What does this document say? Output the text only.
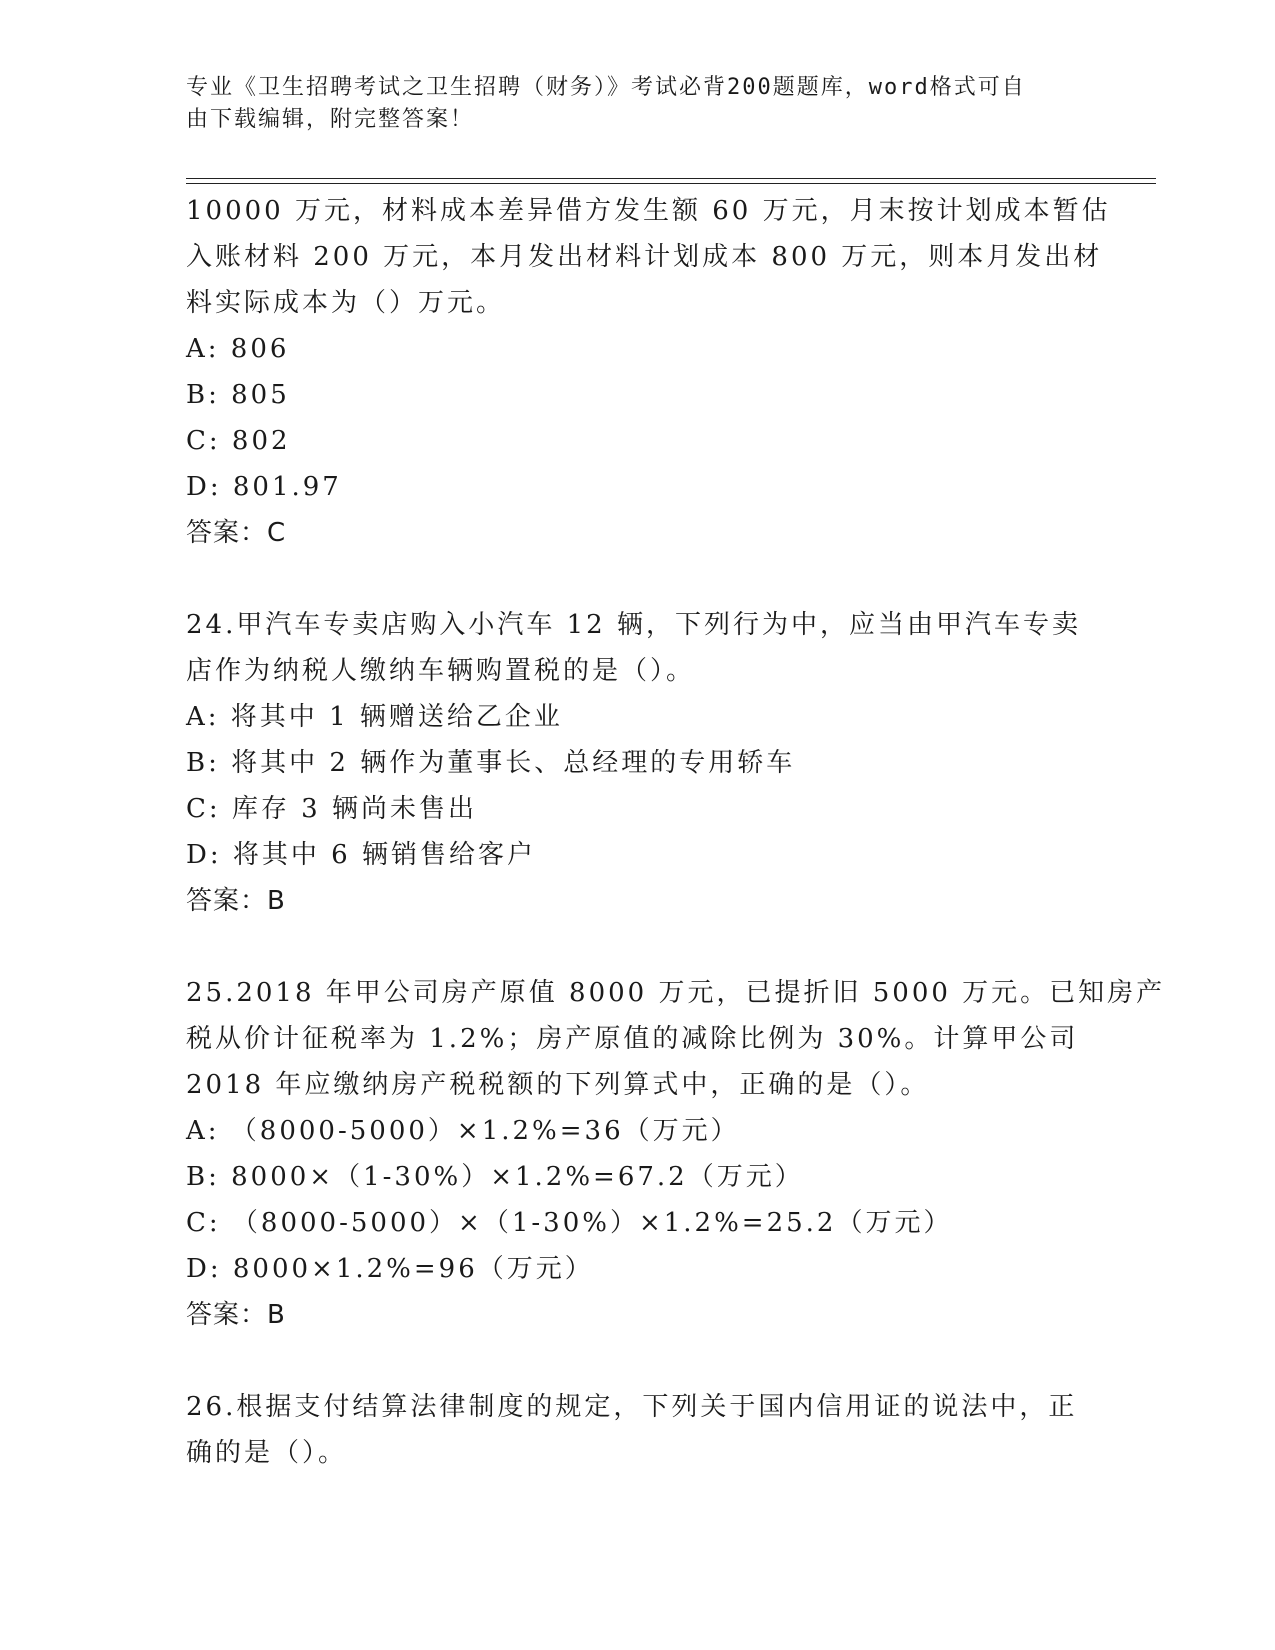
专业《卫生招聘考试之卫生招聘（财务）》考试必背200题题库，word格式可自
由下载编辑，附完整答案！
10000 万元，材料成本差异借方发生额 60 万元，月末按计划成本暂估
入账材料 200 万元，本月发出材料计划成本 800 万元，则本月发出材
料实际成本为（）万元。
A: 806
B: 805
C: 802
D: 801.97
答案：C
24.甲汽车专卖店购入小汽车 12 辆，下列行为中，应当由甲汽车专卖
店作为纳税人缴纳车辆购置税的是（）。
A: 将其中 1 辆赠送给乙企业
B: 将其中 2 辆作为董事长、总经理的专用轿车
C: 库存 3 辆尚未售出
D: 将其中 6 辆销售给客户
答案：B
25.2018 年甲公司房产原值 8000 万元，已提折旧 5000 万元。已知房产
税从价计征税率为 1.2%；房产原值的减除比例为 30%。计算甲公司
2018 年应缴纳房产税税额的下列算式中，正确的是（）。
A: （8000-5000）×1.2%=36（万元）
B: 8000×（1-30%）×1.2%=67.2（万元）
C: （8000-5000）×（1-30%）×1.2%=25.2（万元）
D: 8000×1.2%=96（万元）
答案：B
26.根据支付结算法律制度的规定，下列关于国内信用证的说法中，正
确的是（）。
